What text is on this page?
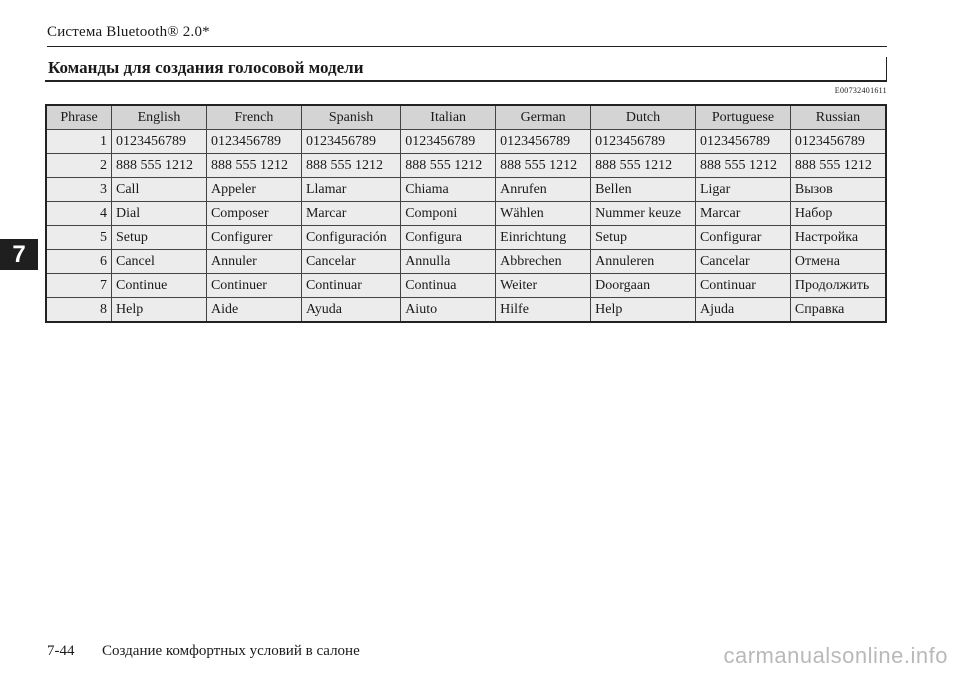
Система Bluetooth® 2.0*
Команды для создания голосовой модели
E00732401611
7
Phrase	English	French	Spanish	Italian	German	Dutch	Portuguese	Russian
1	0123456789	0123456789	0123456789	0123456789	0123456789	0123456789	0123456789	0123456789
2	888 555 1212	888 555 1212	888 555 1212	888 555 1212	888 555 1212	888 555 1212	888 555 1212	888 555 1212
3	Call	Appeler	Llamar	Chiama	Anrufen	Bellen	Ligar	Вызов
4	Dial	Composer	Marcar	Componi	Wählen	Nummer keuze	Marcar	Набор
5	Setup	Configurer	Configuración	Configura	Einrichtung	Setup	Configurar	Настройка
6	Cancel	Annuler	Cancelar	Annulla	Abbrechen	Annuleren	Cancelar	Отмена
7	Continue	Continuer	Continuar	Continua	Weiter	Doorgaan	Continuar	Продолжить
8	Help	Aide	Ayuda	Aiuto	Hilfe	Help	Ajuda	Справка
7-44 Создание комфортных условий в салоне	carmanualsonline.info
